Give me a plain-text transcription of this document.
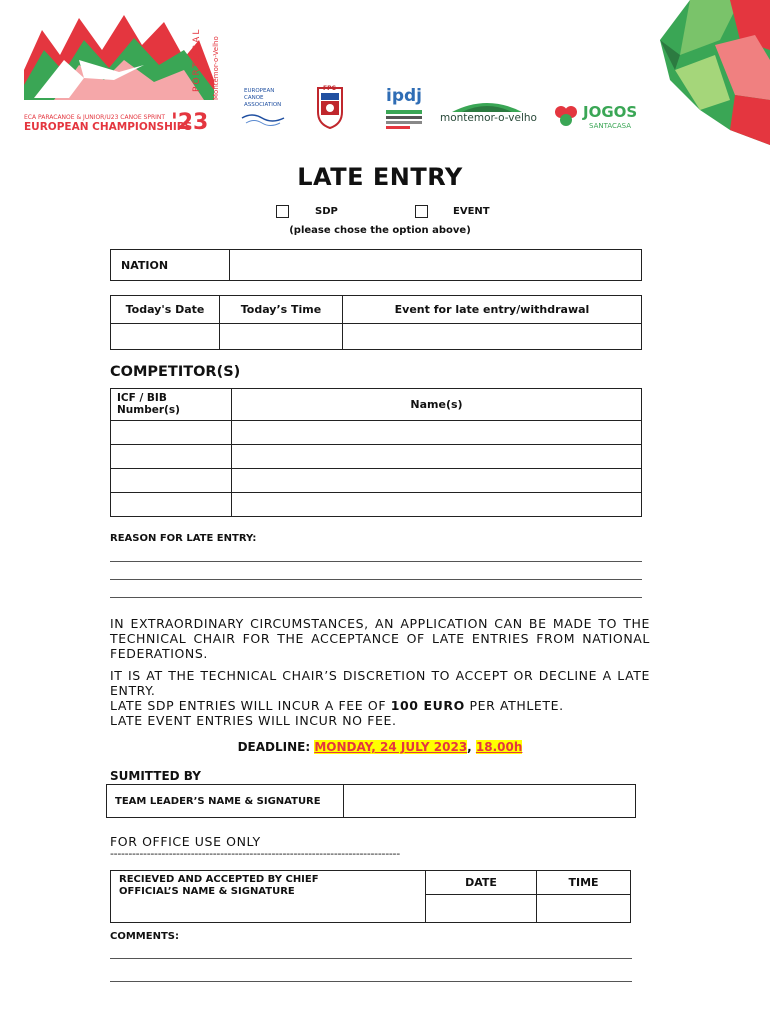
ECA PARACANOE & JUNIOR/U23 CANOE SPRINT
EUROPEAN CHAMPIONSHIPS
'23
Montemor-o-Velho	EUROPEAN CANOE ASSOCIATION
FPC	ipdj
montemor-o-velho	JOGOS
SANTACASA
LATE ENTRY
SDP	EVENT
(please chose the option above)
NATION	
Today's Date	Today’s Time	Event for late entry/withdrawal

COMPETITOR(S)
ICF / BIB Number(s)	Name(s)

REASON FOR LATE ENTRY:
IN EXTRAORDINARY CIRCUMSTANCES, AN APPLICATION CAN BE MADE TO THE TECHNICAL CHAIR FOR THE ACCEPTANCE OF LATE ENTRIES FROM NATIONAL FEDERATIONS.
IT IS AT THE TECHNICAL CHAIR’S DISCRETION TO ACCEPT OR DECLINE A LATE ENTRY.
LATE SDP ENTRIES WILL INCUR A FEE OF 100 EURO PER ATHLETE.
LATE EVENT ENTRIES WILL INCUR NO FEE.
DEADLINE: MONDAY, 24 JULY 2023, 18.00h
SUMITTED BY
TEAM LEADER’S NAME & SIGNATURE	
FOR OFFICE USE ONLY
-------------------------------------------------------------------------------
RECIEVED AND ACCEPTED BY CHIEF OFFICIAL’S NAME & SIGNATURE	DATE	TIME

COMMENTS:
